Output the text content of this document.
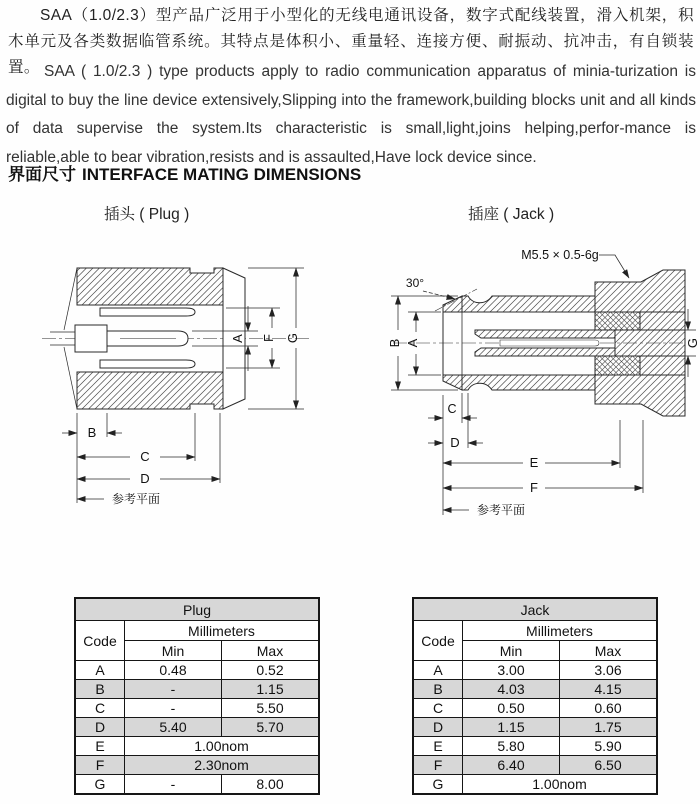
SAA（1.0/2.3）型产品广泛用于小型化的无线电通讯设备，数字式配线装置，滑入机架，积木单元及各类数据临管系统。其特点是体积小、重量轻、连接方便、耐振动、抗冲击，有自锁装置。 SAA ( 1.0/2.3 ) type products apply to radio communication apparatus of minia-turization is digital to buy the line device extensively,Slipping into the framework,building blocks unit and all kinds of data supervise the system.Its characteristic is small,light,joins helping,perfor-mance is reliable,able to bear vibration,resists and is assaulted,Have lock device since.

界面尺寸 INTERFACE MATING DIMENSIONS
插头 ( Plug )	插座 ( Jack )
A F G
B
C
D
参考平面
M5.5 × 0.5-6g
30°
B A	G
C
D
E
F
参考平面
Plug		
Code	Millimeters	
	Min	Max
A	0.48	0.52
B	-	1.15
C	-	5.50
D	5.40	5.70
E	1.00nom	
F	2.30nom	
G	-	8.00
Jack		
Code	Millimeters	
	Min	Max
A	3.00	3.06
B	4.03	4.15
C	0.50	0.60
D	1.15	1.75
E	5.80	5.90
F	6.40	6.50
G	1.00nom	
